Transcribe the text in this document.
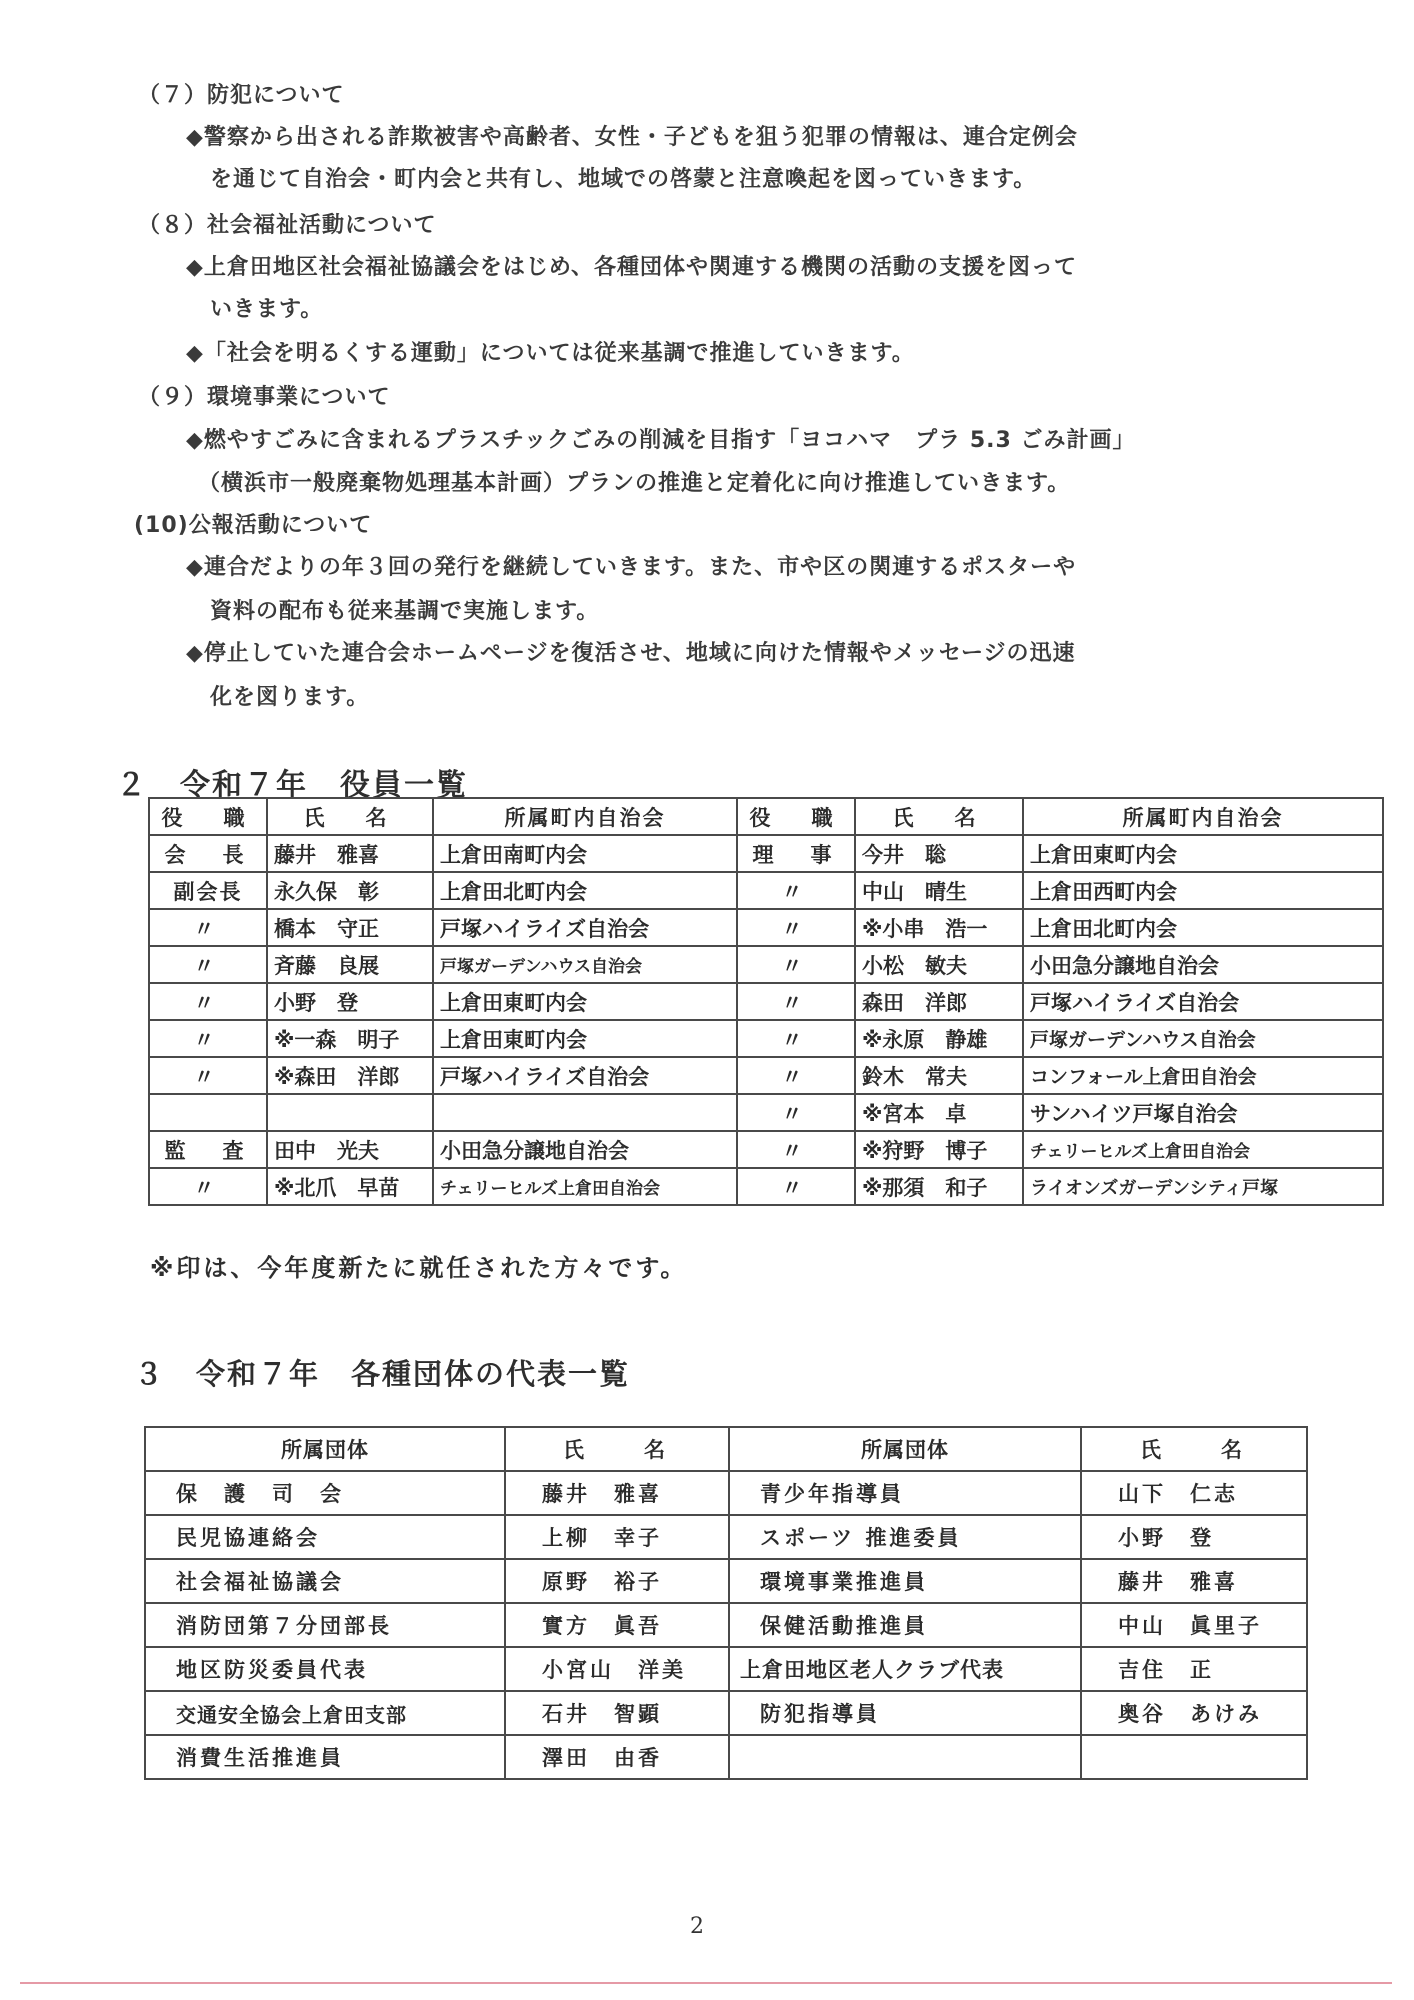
（７）防犯について
◆警察から出される詐欺被害や高齢者、女性・子どもを狙う犯罪の情報は、連合定例会
を通じて自治会・町内会と共有し、地域での啓蒙と注意喚起を図っていきます。
（８）社会福祉活動について
◆上倉田地区社会福祉協議会をはじめ、各種団体や関連する機関の活動の支援を図って
いきます。
◆「社会を明るくする運動」については従来基調で推進していきます。
（９）環境事業について
◆燃やすごみに含まれるプラスチックごみの削減を目指す「ヨコハマ　プラ 5.3 ごみ計画」
（横浜市一般廃棄物処理基本計画）プランの推進と定着化に向け推進していきます。
(10)公報活動について
◆連合だよりの年３回の発行を継続していきます。また、市や区の関連するポスターや
資料の配布も従来基調で実施します。
◆停止していた連合会ホームページを復活させ、地域に向けた情報やメッセージの迅速
化を図ります。
２　令和７年　役員一覧
役　職	氏　名	所属町内自治会	役　職	氏　名	所属町内自治会
会　長	藤井　雅喜	上倉田南町内会	理　事	今井　聡	上倉田東町内会
副会長	永久保　彰	上倉田北町内会	〃	中山　晴生	上倉田西町内会
〃	橋本　守正	戸塚ハイライズ自治会	〃	※小串　浩一	上倉田北町内会
〃	斉藤　良展	戸塚ガーデンハウス自治会	〃	小松　敏夫	小田急分譲地自治会
〃	小野　登	上倉田東町内会	〃	森田　洋郎	戸塚ハイライズ自治会
〃	※一森　明子	上倉田東町内会	〃	※永原　静雄	戸塚ガーデンハウス自治会
〃	※森田　洋郎	戸塚ハイライズ自治会	〃	鈴木　常夫	コンフォール上倉田自治会
			〃	※宮本　卓	サンハイツ戸塚自治会
監　査	田中　光夫	小田急分譲地自治会	〃	※狩野　博子	チェリーヒルズ上倉田自治会
〃	※北爪　早苗	チェリーヒルズ上倉田自治会	〃	※那須　和子	ライオンズガーデンシティ戸塚
※印は、今年度新たに就任された方々です。
３　令和７年　各種団体の代表一覧
所属団体	氏　　名	所属団体	氏　　名
保　護　司　会	藤井　雅喜	青少年指導員	山下　仁志
民児協連絡会	上柳　幸子	スポーツ 推進委員	小野　登
社会福祉協議会	原野　裕子	環境事業推進員	藤井　雅喜
消防団第７分団部長	實方　眞吾	保健活動推進員	中山　眞里子
地区防災委員代表	小宮山　洋美	上倉田地区老人クラブ代表	吉住　正
交通安全協会上倉田支部	石井　智顕	防犯指導員	奥谷　あけみ
消費生活推進員	澤田　由香		
2
